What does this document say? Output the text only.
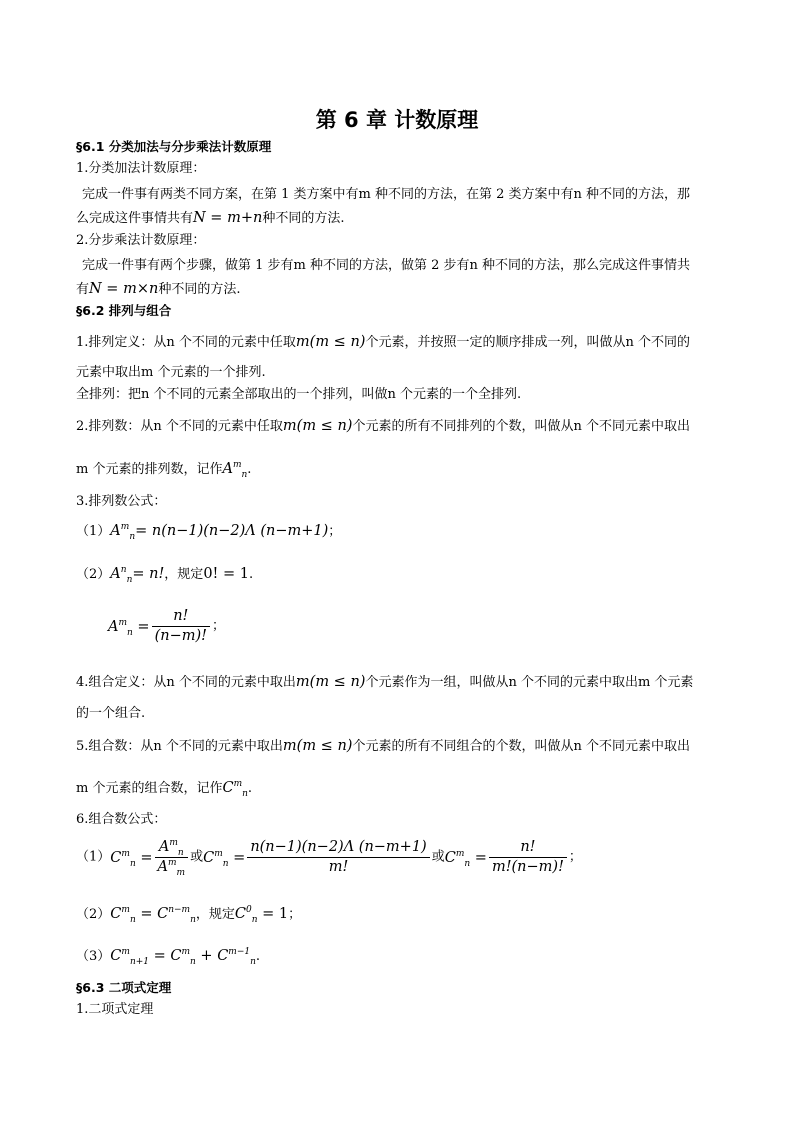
第 6 章 计数原理
§6.1 分类加法与分步乘法计数原理
1.分类加法计数原理：
完成一件事有两类不同方案，在第 1 类方案中有m 种不同的方法，在第 2 类方案中有n 种不同的方法，那
么完成这件事情共有N = m+n种不同的方法.
2.分步乘法计数原理：
完成一件事有两个步骤，做第 1 步有m 种不同的方法，做第 2 步有n 种不同的方法，那么完成这件事情共
有N = m×n种不同的方法.
§6.2 排列与组合
1.排列定义：从n 个不同的元素中任取m(m ≤ n)个元素，并按照一定的顺序排成一列，叫做从n 个不同的
元素中取出m 个元素的一个排列.
全排列：把n 个不同的元素全部取出的一个排列，叫做n 个元素的一个全排列.
2.排列数：从n 个不同的元素中任取m(m ≤ n)个元素的所有不同排列的个数，叫做从n 个不同元素中取出
m 个元素的排列数，记作$A^m_n$.
3.排列数公式：
$(1)A^m_n= n(n-1)(n-2)\Lambda$ (n−m+1)；
$(2)A^n_n= n$!，规定0! = 1.
$A^m_n = \frac{n!}{(n-m)!}$ ；
4.组合定义：从n 个不同的元素中取出m(m ≤ n)个元素作为一组，叫做从n 个不同的元素中取出m 个元素
的一个组合.
5.组合数：从n 个不同的元素中取出m(m ≤ n)个元素的所有不同组合的个数，叫做从n 个不同元素中取出
m 个元素的组合数，记作$C^m_n$.
6.组合数公式：
$(1)C^m_n = \frac{A^m_n}{A^m_m}$ 或$C^m_n = \frac{n(n-1)(n-2)\Lambda (n-m+1)}{m!}$ 或$C^m_n = \frac{n!}{m!(n-m)!}$ ；
$(2)C^m_n = C^{n-m}_n$，规定$C^0_n = 1$；
$(3)C^m_{n+1} = C^m_n + C^{m-1}_n$.
§6.3 二项式定理
1.二项式定理
